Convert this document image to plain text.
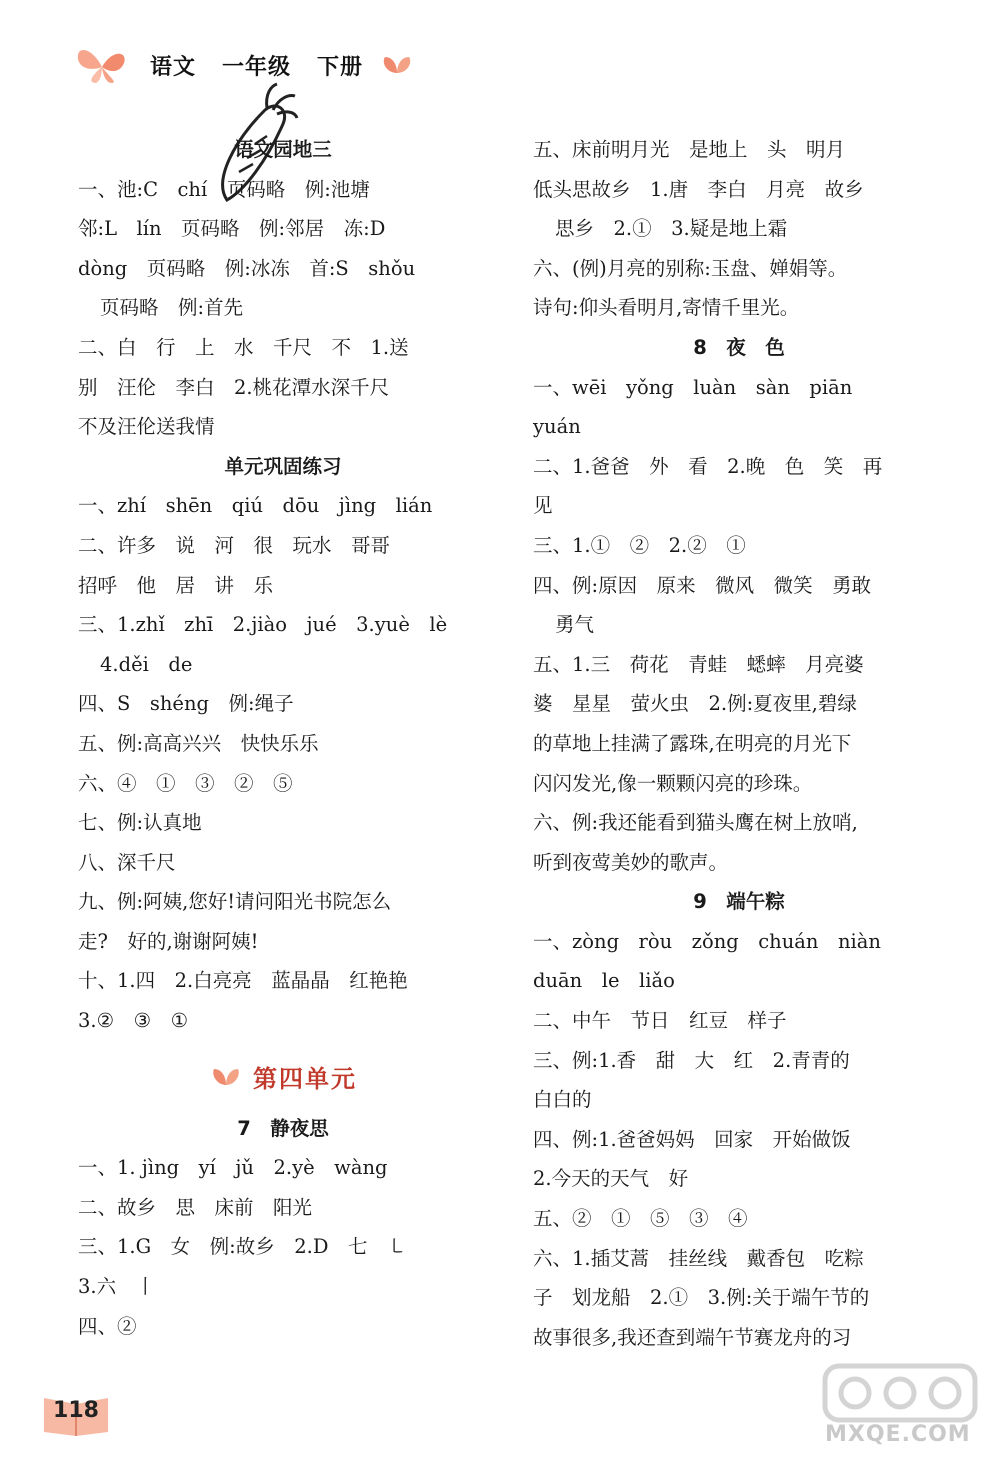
语文 一年级 下册
语文园地三
一、池:C　chí　页码略　例:池塘
邻:L　lín　页码略　例:邻居　冻:D
dòng　页码略　例:冰冻　首:S　shǒu
页码略　例:首先
二、白　行　上　水　千尺　不　1.送
别　汪伦　李白　2.桃花潭水深千尺
不及汪伦送我情
单元巩固练习
一、zhí　shēn　qiú　dōu　jìng　lián
二、许多　说　河　很　玩水　哥哥
招呼　他　居　讲　乐
三、1.zhǐ　zhī　2.jiào　jué　3.yuè　lè
4.děi　de
四、S　shéng　例:绳子
五、例:高高兴兴　快快乐乐
六、④　①　③　②　⑤
七、例:认真地
八、深千尺
九、例:阿姨,您好!请问阳光书院怎么
走?　好的,谢谢阿姨!
十、1.四　2.白亮亮　蓝晶晶　红艳艳
3.②　③　①
第四单元
7　静夜思
一、1. jìng　yí　jǔ　2.yè　wàng
二、故乡　思　床前　阳光
三、1.G　女　例:故乡　2.D　七　㇄
3.六　丨
四、②
五、床前明月光　是地上　头　明月
低头思故乡　1.唐　李白　月亮　故乡
思乡　2.①　3.疑是地上霜
六、(例)月亮的别称:玉盘、婵娟等。
诗句:仰头看明月,寄情千里光。
8　夜　色
一、wēi　yǒng　luàn　sàn　piān
yuán
二、1.爸爸　外　看　2.晚　色　笑　再
见
三、1.①　②　2.②　①
四、例:原因　原来　微风　微笑　勇敢
勇气
五、1.三　荷花　青蛙　蟋蟀　月亮婆
婆　星星　萤火虫　2.例:夏夜里,碧绿
的草地上挂满了露珠,在明亮的月光下
闪闪发光,像一颗颗闪亮的珍珠。
六、例:我还能看到猫头鹰在树上放哨,
听到夜莺美妙的歌声。
9　端午粽
一、zòng　ròu　zǒng　chuán　niàn
duān　le　liǎo
二、中午　节日　红豆　样子
三、例:1.香　甜　大　红　2.青青的
白白的
四、例:1.爸爸妈妈　回家　开始做饭
2.今天的天气　好
五、②　①　⑤　③　④
六、1.插艾蒿　挂丝线　戴香包　吃粽
子　划龙船　2.①　3.例:关于端午节的
故事很多,我还查到端午节赛龙舟的习
118
MXQE.COM
